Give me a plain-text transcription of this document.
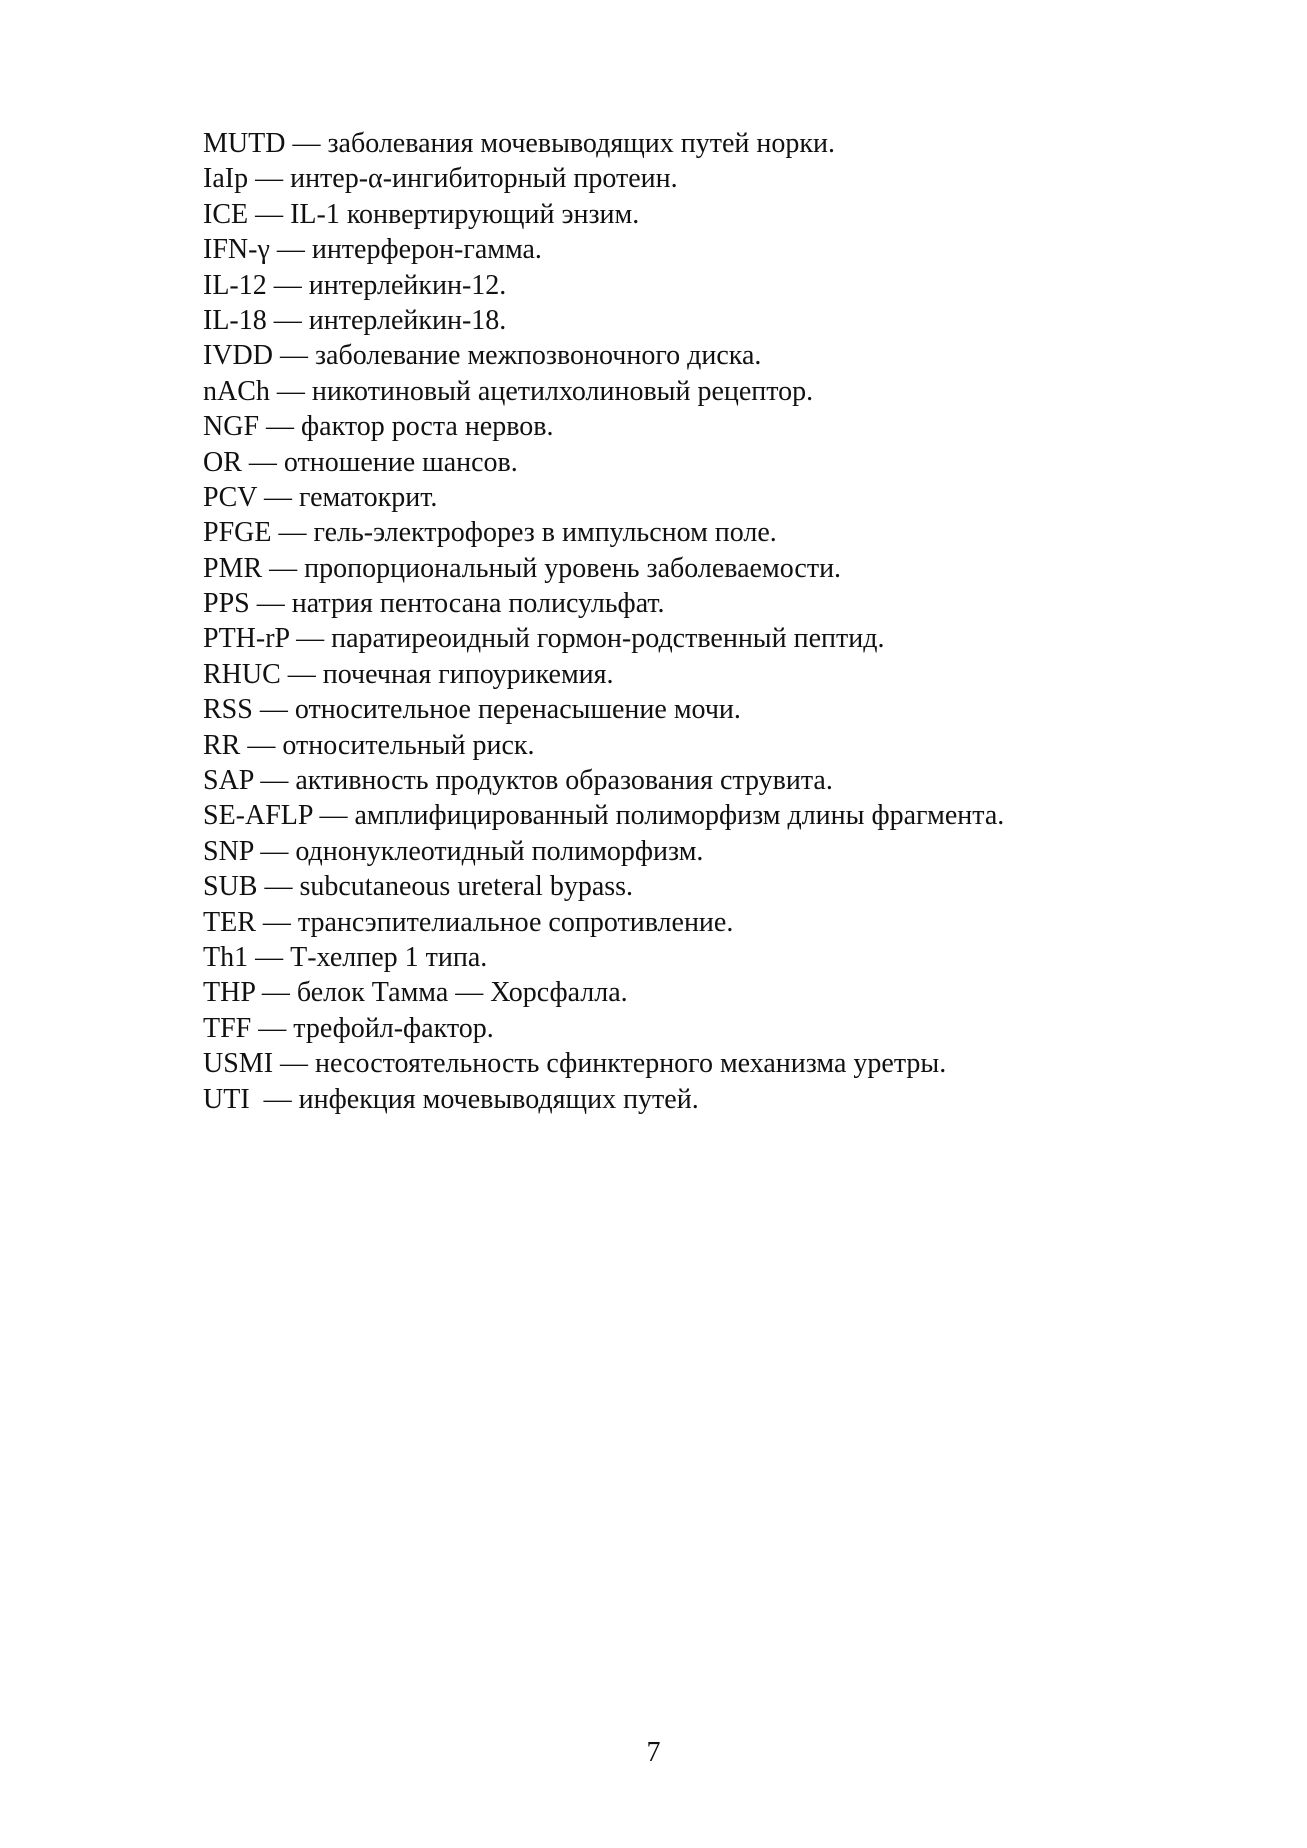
MUTD — заболевания мочевыводящих путей норки.
IaIp — интер-α-ингибиторный протеин.
ICE — IL-1 конвертирующий энзим.
IFN-γ — интерферон-гамма.
IL-12 — интерлейкин-12.
IL-18 — интерлейкин-18.
IVDD — заболевание межпозвоночного диска.
nACh — никотиновый ацетилхолиновый рецептор.
NGF — фактор роста нервов.
OR — отношение шансов.
PCV — гематокрит.
PFGE — гель-электрофорез в импульсном поле.
PMR — пропорциональный уровень заболеваемости.
PPS — натрия пентосана полисульфат.
PTH-rP — паратиреоидный гормон-родственный пептид.
RHUC — почечная гипоурикемия.
RSS — относительное перенасышение мочи.
RR — относительный риск.
SAP — активность продуктов образования струвита.
SE-AFLP — амплифицированный полиморфизм длины фрагмента.
SNP — однонуклеотидный полиморфизм.
SUB — subcutaneous ureteral bypass.
TER — трансэпителиальное сопротивление.
Th1 — Т-хелпер 1 типа.
THP — белок Тамма — Хорсфалла.
TFF — трефойл-фактор.
USMI — несостоятельность сфинктерного механизма уретры.
UTI  — инфекция мочевыводящих путей.
7
